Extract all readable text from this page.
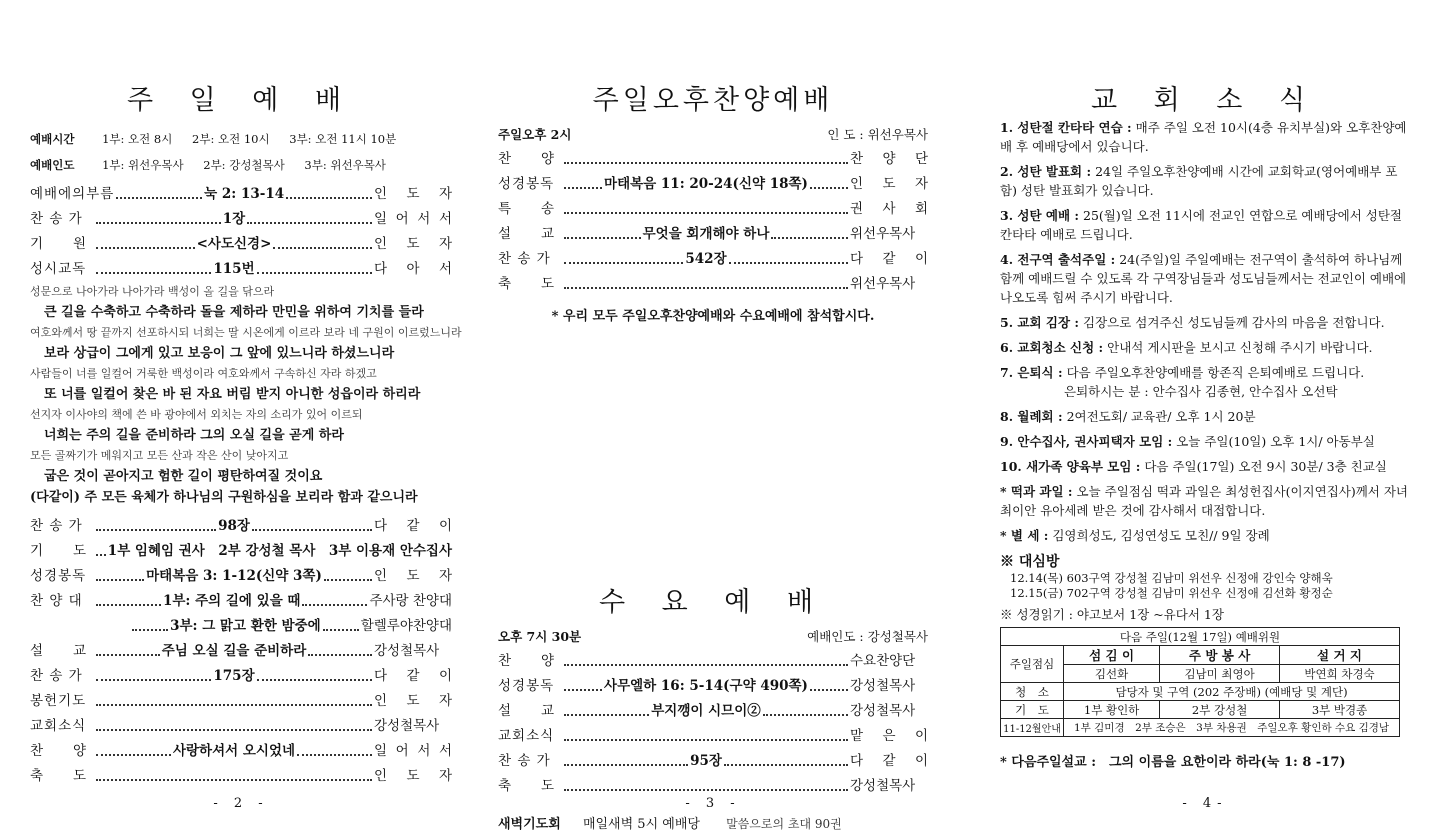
주 일 예 배
예배시간 1부: 오전 8시 2부: 오전 10시 3부: 오전 11시 10분
예배인도 1부: 위선우목사 2부: 강성철목사 3부: 위선우목사
예배에의부름	눅 2: 13-14	인 도 자
찬 송 가	1장	일 어 서 서
기　　원	<사도신경>	인 도 자
성시교독	115번	다 아 서
성문으로 나아가라 나아가라 백성이 올 길을 닦으라
큰 길을 수축하고 수축하라 돌을 제하라 만민을 위하여 기치를 들라
여호와께서 땅 끝까지 선포하시되 너희는 딸 시온에게 이르라 보라 네 구원이 이르렀느니라
보라 상급이 그에게 있고 보응이 그 앞에 있느니라 하셨느니라
사람들이 너를 일컬어 거룩한 백성이라 여호와께서 구속하신 자라 하겠고
또 너를 일컬어 찾은 바 된 자요 버림 받지 아니한 성읍이라 하리라
선지자 이사야의 책에 쓴 바 광야에서 외치는 자의 소리가 있어 이르되
너희는 주의 길을 준비하라 그의 오실 길을 곧게 하라
모든 골짜기가 메워지고 모든 산과 작은 산이 낮아지고
굽은 것이 곧아지고 험한 길이 평탄하여질 것이요
(다같이) 주 모든 육체가 하나님의 구원하심을 보리라 함과 같으니라
찬 송 가	98장	다 같 이
기　　도	1부 임혜임 권사　2부 강성철 목사　3부 이용재 안수집사
성경봉독	마태복음 3: 1-12(신약 3쪽)	인 도 자
찬 양 대	1부: 주의 길에 있을 때	주사랑 찬양대
3부: 그 맑고 환한 밤중에	할렐루야찬양대
설　　교	주님 오실 길을 준비하라	강성철목사
찬 송 가	175장	다 같 이
봉헌기도	인 도 자
교회소식	강성철목사
찬　　양	사랑하셔서 오시었네	일 어 서 서
축　　도	인 도 자
- 2 -
주일오후찬양예배
주일오후 2시	인 도 : 위선우목사
찬　　양	찬 양 단
성경봉독	마태복음 11: 20-24(신약 18쪽)	인 도 자
특　　송	권 사 회
설　　교	무엇을 회개해야 하나	위선우목사
찬 송 가	542장	다 같 이
축　　도	위선우목사
* 우리 모두 주일오후찬양예배와 수요예배에 참석합시다.
수 요 예 배
오후 7시 30분	예배인도 : 강성철목사
찬　　양	수요찬양단
성경봉독	사무엘하 16: 5-14(구약 490쪽)	강성철목사
설　　교	부지깽이 시므이②	강성철목사
교회소식	맡 은 이
찬 송 가	95장	다 같 이
축　　도	강성철목사
새벽기도회 매일새벽 5시 예배당 말씀으로의 초대 90권
- 3 -
교 회 소 식
1. 성탄절 칸타타 연습 : 매주 주일 오전 10시(4층 유치부실)와 오후찬양예배 후 예배당에서 있습니다.
2. 성탄 발표회 : 24일 주일오후찬양예배 시간에 교회학교(영어예배부 포함) 성탄 발표회가 있습니다.
3. 성탄 예배 : 25(월)일 오전 11시에 전교인 연합으로 예배당에서 성탄절 칸타타 예배로 드립니다.
4. 전구역 출석주일 : 24(주일)일 주일예배는 전구역이 출석하여 하나님께 함께 예배드릴 수 있도록 각 구역장님들과 성도님들께서는 전교인이 예배에 나오도록 힘써 주시기 바랍니다.
5. 교회 김장 : 김장으로 섬겨주신 성도님들께 감사의 마음을 전합니다.
6. 교회청소 신청 : 안내석 게시판을 보시고 신청해 주시기 바랍니다.
7. 은퇴식 : 다음 주일오후찬양예배를 항존직 은퇴예배로 드립니다.
은퇴하시는 분 : 안수집사 김종현, 안수집사 오선탁
8. 월례회 : 2여전도회/ 교육관/ 오후 1시 20분
9. 안수집사, 권사피택자 모임 : 오늘 주일(10일) 오후 1시/ 아동부실
10. 새가족 양육부 모임 : 다음 주일(17일) 오전 9시 30분/ 3층 친교실
* 떡과 과일 : 오늘 주일점심 떡과 과일은 최성헌집사(이지연집사)께서 자녀 최이안 유아세례 받은 것에 감사해서 대접합니다.
* 별 세 : 김영희성도, 김성연성도 모친// 9일 장례
※ 대심방
12.14(목) 603구역 강성철 김남미 위선우 신정애 강인숙 양해욱
12.15(금) 702구역 강성철 김남미 위선우 신정애 김선화 황정순
※ 성경읽기 : 야고보서 1장 ~유다서 1장
다음 주일(12월 17일) 예배위원			
주일점심	섬 김 이	주 방 봉 사	설 거 지
	김선화	김남미 최영아	박연희 차경숙
청　소	담당자 및 구역 (202 주장배) (예배당 및 계단)		
기　도	1부 황인하	2부 강성철	3부 박경종
11-12월안내	1부 김미경　2부 조승은　3부 차용권　주일오후 황인하 수요 김경남		
* 다음주일설교 :　그의 이름을 요한이라 하라(눅 1: 8 -17)
- 4-
